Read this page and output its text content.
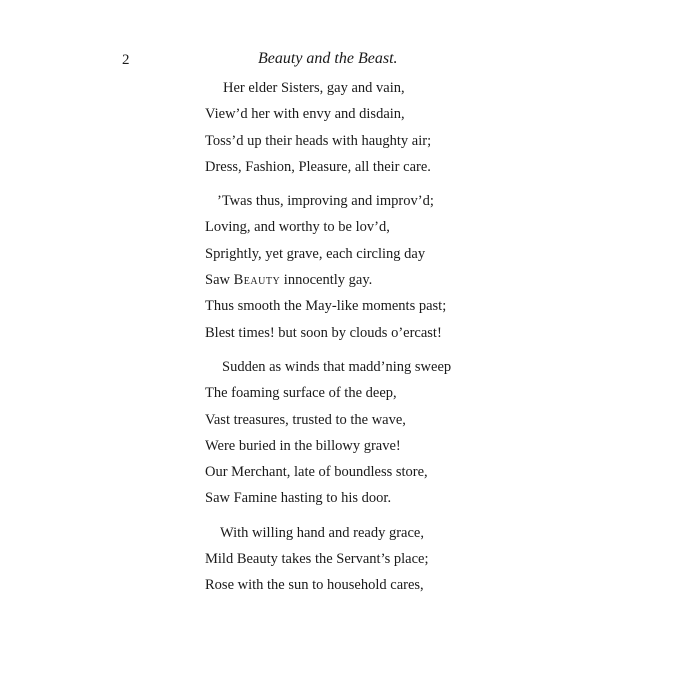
2	Beauty and the Beast.
Her elder Sisters, gay and vain,
View’d her with envy and disdain,
Toss’d up their heads with haughty air;
Dress, Fashion, Pleasure, all their care.
’Twas thus, improving and improv’d;
Loving, and worthy to be lov’d,
Sprightly, yet grave, each circling day
Saw Beauty innocently gay.
Thus smooth the May-like moments past;
Blest times! but soon by clouds o’ercast!
Sudden as winds that madd’ning sweep
The foaming surface of the deep,
Vast treasures, trusted to the wave,
Were buried in the billowy grave!
Our Merchant, late of boundless store,
Saw Famine hasting to his door.
With willing hand and ready grace,
Mild Beauty takes the Servant’s place;
Rose with the sun to household cares,
